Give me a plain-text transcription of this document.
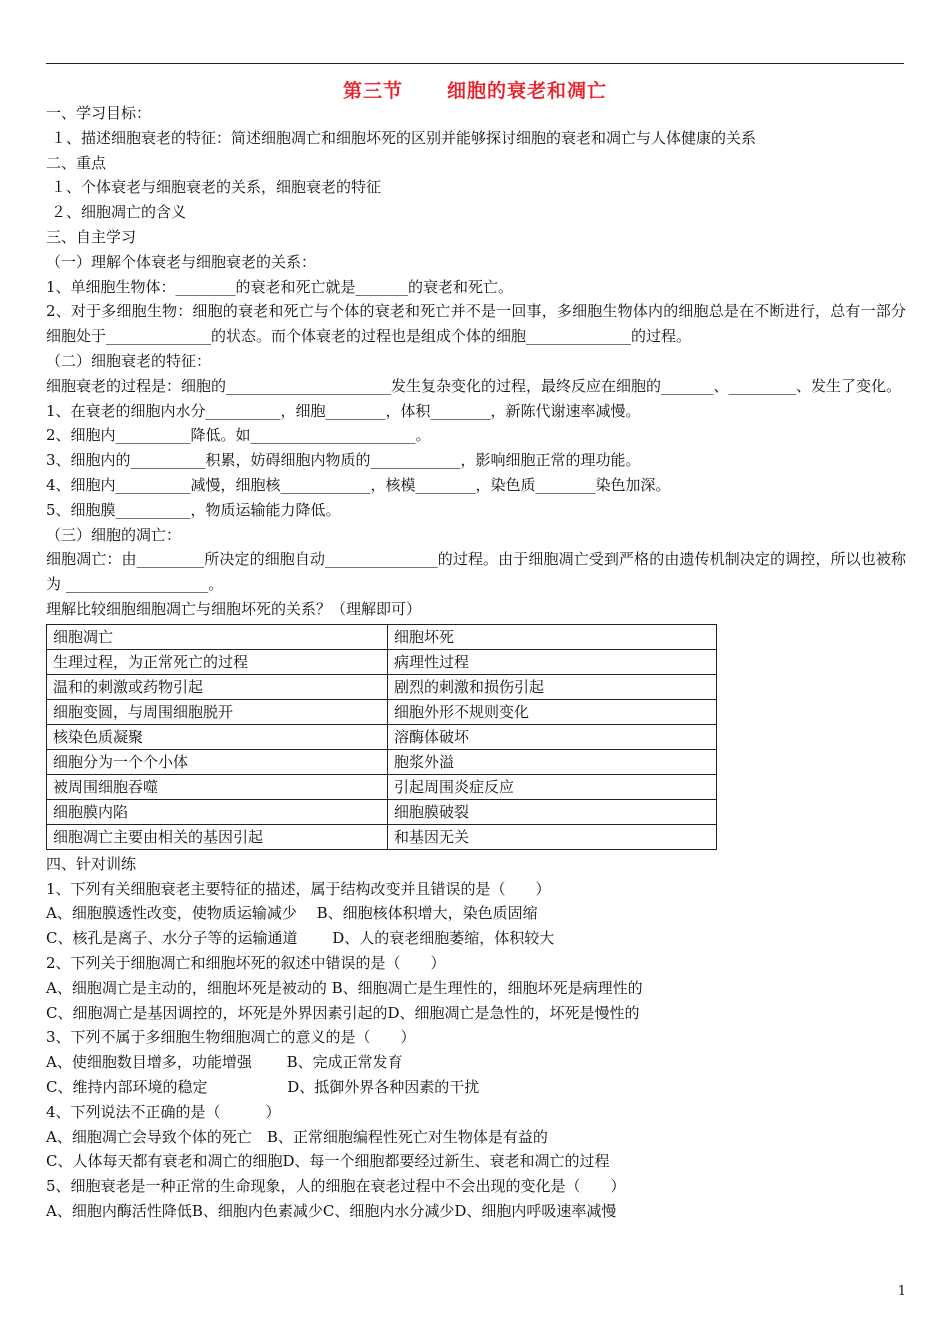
第三节 细胞的衰老和凋亡
一、学习目标：
１、描述细胞衰老的特征：简述细胞凋亡和细胞坏死的区别并能够探讨细胞的衰老和凋亡与人体健康的关系
二、重点
１、个体衰老与细胞衰老的关系，细胞衰老的特征
２、细胞凋亡的含义
三、自主学习
（一）理解个体衰老与细胞衰老的关系：
1、单细胞生物体：________的衰老和死亡就是_______的衰老和死亡。
2、对于多细胞生物：细胞的衰老和死亡与个体的衰老和死亡并不是一回事，多细胞生物体内的细胞总是在不断进行，总有一部分细胞处于______________的状态。而个体衰老的过程也是组成个体的细胞______________的过程。
（二）细胞衰老的特征：
细胞衰老的过程是：细胞的______________________发生复杂变化的过程，最终反应在细胞的_______、_________、发生了变化。
1、在衰老的细胞内水分__________，细胞________，体积________，新陈代谢速率减慢。
2、细胞内__________降低。如______________________。
3、细胞内的__________积累，妨碍细胞内物质的____________，影响细胞正常的理功能。
4、细胞内__________减慢，细胞核____________，核模________，染色质________染色加深。
5、细胞膜__________，物质运输能力降低。
（三）细胞的凋亡：
细胞凋亡：由_________所决定的细胞自动_______________的过程。由于细胞凋亡受到严格的由遗传机制决定的调控，所以也被称为 ___________________。
理解比较细胞细胞凋亡与细胞坏死的关系？（理解即可）
细胞凋亡	细胞坏死
生理过程，为正常死亡的过程	病理性过程
温和的刺激或药物引起	剧烈的刺激和损伤引起
细胞变圆，与周围细胞脱开	细胞外形不规则变化
核染色质凝聚	溶酶体破坏
细胞分为一个个小体	胞浆外溢
被周围细胞吞噬	引起周围炎症反应
细胞膜内陷	细胞膜破裂
细胞凋亡主要由相关的基因引起	和基因无关
四、针对训练
1、下列有关细胞衰老主要特征的描述，属于结构改变并且错误的是（　　）
A、细胞膜透性改变，使物质运输减少　 B、细胞核体积增大，染色质固缩
C、核孔是离子、水分子等的运输通道　　 D、人的衰老细胞萎缩，体积较大
2、下列关于细胞凋亡和细胞坏死的叙述中错误的是（　　）
A、细胞凋亡是主动的，细胞坏死是被动的 B、细胞凋亡是生理性的，细胞坏死是病理性的
C、细胞凋亡是基因调控的，坏死是外界因素引起的D、细胞凋亡是急性的，坏死是慢性的
3、下列不属于多细胞生物细胞凋亡的意义的是（　　）
A、使细胞数目增多，功能增强　　 B、完成正常发育
C、维持内部环境的稳定　　　　　 D、抵御外界各种因素的干扰
4、下列说法不正确的是（　　　）
A、细胞凋亡会导致个体的死亡　B、正常细胞编程性死亡对生物体是有益的
C、人体每天都有衰老和凋亡的细胞D、每一个细胞都要经过新生、衰老和凋亡的过程
5、细胞衰老是一种正常的生命现象，人的细胞在衰老过程中不会出现的变化是（　　）
A、细胞内酶活性降低B、细胞内色素减少C、细胞内水分减少D、细胞内呼吸速率减慢
1
